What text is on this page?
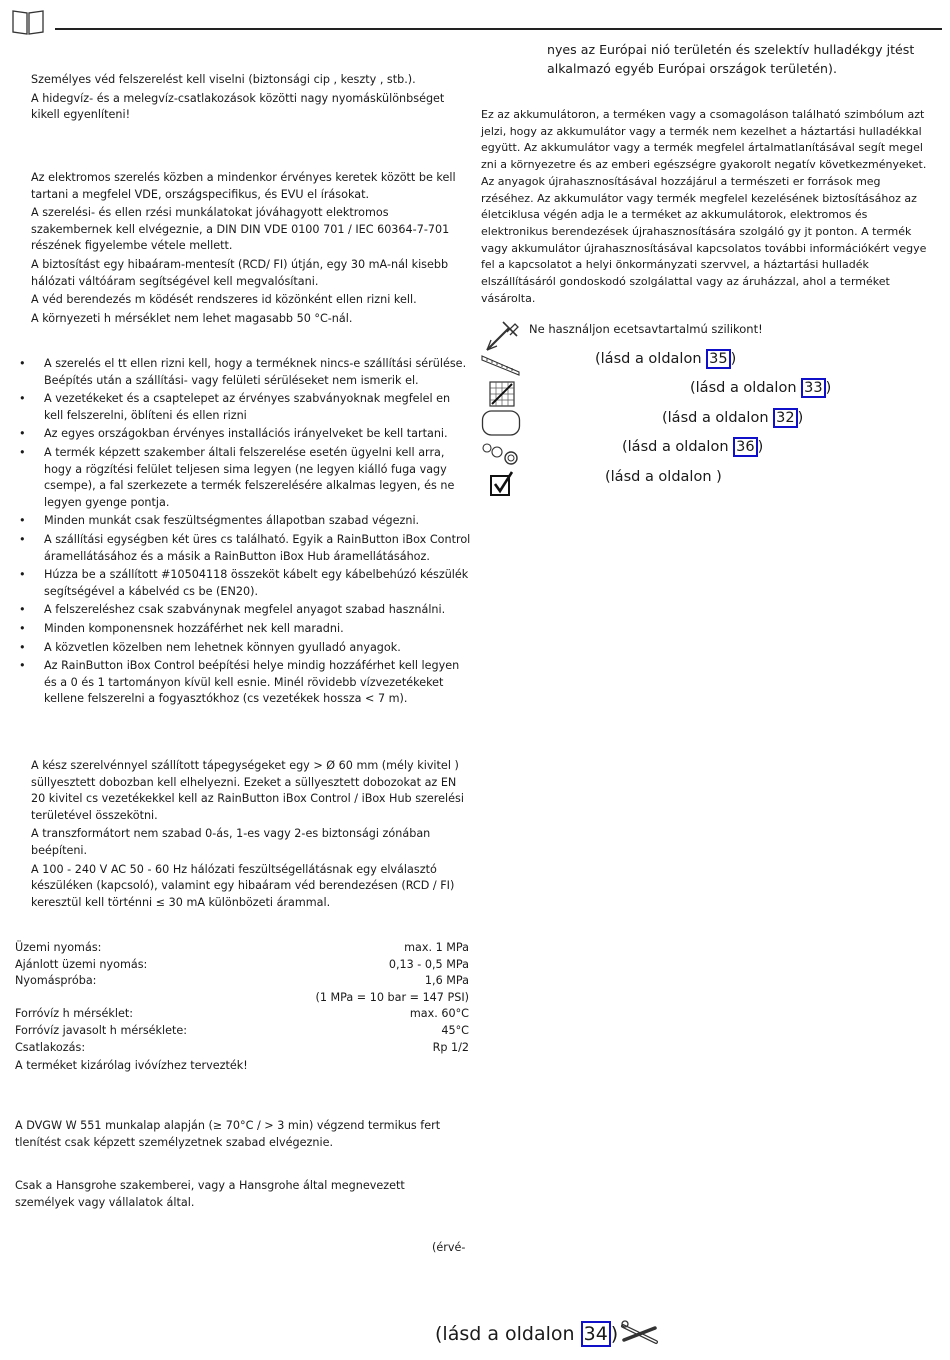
Személyes véd felszerelést kell viselni (biztonsági cip , keszty , stb.).

A hidegvíz- és a melegvíz-csatlakozások közötti nagy nyomáskülönbséget kikell egyenlíteni!

Az elektromos szerelés közben a mindenkor érvényes keretek között be kell tartani a megfelel VDE, országspecifikus, és EVU el írásokat.

A szerelési- és ellen rzési munkálatokat jóváhagyott elektromos szakembernek kell elvégeznie, a DIN DIN VDE 0100 701 / IEC 60364-7-701 részének figyelembe vétele mellett.

A biztosítást egy hibaáram-mentesít (RCD/ FI) útján, egy 30 mA-nál kisebb hálózati váltóáram segítségével kell megvalósítani.

A véd berendezés m ködését rendszeres id közönként ellen rizni kell.

A környezeti h mérséklet nem lehet magasabb 50 °C-nál.

• A szerelés el tt ellen rizni kell, hogy a terméknek nincs-e szállítási sérülése. Beépítés után a szállítási- vagy felületi sérüléseket nem ismerik el.
• A vezetékeket és a csaptelepet az érvényes szabványoknak megfelel en kell felszerelni, öblíteni és ellen rizni
• Az egyes országokban érvényes installációs irányelveket be kell tartani.
• A termék képzett szakember általi felszerelése esetén ügyelni kell arra, hogy a rögzítési felület teljesen sima legyen (ne legyen kiálló fuga vagy csempe), a fal szerkezete a termék felszerelésére alkalmas legyen, és ne legyen gyenge pontja.
• Minden munkát csak feszültségmentes állapotban szabad végezni.
• A szállítási egységben két üres cs található. Egyik a RainButton iBox Control áramellátásához és a másik a RainButton iBox Hub áramellátásához.
• Húzza be a szállított #10504118 összeköt kábelt egy kábelbehúzó készülék segítségével a kábelvéd cs be (EN20).
• A felszereléshez csak szabványnak megfelel anyagot szabad használni.
• Minden komponensnek hozzáférhet nek kell maradni.
• A közvetlen közelben nem lehetnek könnyen gyulladó anyagok.
• Az RainButton iBox Control beépítési helye mindig hozzáférhet kell legyen és a 0 és 1 tartományon kívül kell esnie. Minél rövidebb vízvezetékeket kellene felszerelni a fogyasztókhoz (cs vezetékek hossza < 7 m).

A kész szerelvénnyel szállított tápegységeket egy > Ø 60 mm (mély kivitel ) süllyesztett dobozban kell elhelyezni. Ezeket a süllyesztett dobozokat az EN 20 kivitel cs vezetékekkel kell az RainButton iBox Control / iBox Hub szerelési területével összekötni.

A transzformátort nem szabad 0-ás, 1-es vagy 2-es biztonsági zónában beépíteni.

A 100 - 240 V AC 50 - 60 Hz hálózati feszültségellátásnak egy elválasztó készüléken (kapcsoló), valamint egy hibaáram véd berendezésen (RCD / FI) keresztül kell történni ≤ 30 mA különbözeti árammal.

Üzemi nyomás:	max. 1 MPa
Ajánlott üzemi nyomás:	0,13 - 0,5 MPa
Nyomáspróba:	1,6 MPa
(1 MPa = 10 bar = 147 PSI)
Forróvíz h mérséklet:	max. 60°C
Forróvíz javasolt h mérséklete:	45°C
Csatlakozás:	Rp 1/2
A terméket kizárólag ivóvízhez tervezték!
A DVGW W 551 munkalap alapján (≥ 70°C / > 3 min) végzend termikus fert tlenítést csak képzett személyzetnek szabad elvégeznie.
Csak a Hansgrohe szakemberei, vagy a Hansgrohe által megnevezett személyek vagy vállalatok által.
(érvé-
nyes az Európai nió területén és szelektív hulladékgy jtést alkalmazó egyéb Európai országok területén).
Ez az akkumulátoron, a terméken vagy a csomagoláson található szimbólum azt jelzi, hogy az akkumulátor vagy a termék nem kezelhet a háztartási hulladékkal együtt. Az akkumulátor vagy a termék megfelel ártalmatlanításával segít megel zni a környezetre és az emberi egészségre gyakorolt negatív következményeket. Az anyagok újrahasznosításával hozzájárul a természeti er források meg rzéséhez. Az akkumulátor vagy termék megfelel kezelésének biztosításához az életciklusa végén adja le a terméket az akkumulátorok, elektromos és elektronikus berendezések újrahasznosítására szolgáló gy jt ponton. A termék vagy akkumulátor újrahasznosításával kapcsolatos további információkért vegye fel a kapcsolatot a helyi önkormányzati szervvel, a háztartási hulladék elszállításáról gondoskodó szolgálattal vagy az áruházzal, ahol a terméket vásárolta.
Ne használjon ecetsavtartalmú szilikont!
(lásd a oldalon 35 )
(lásd a oldalon 33 )
(lásd a oldalon 32 )
(lásd a oldalon 36 )
(lásd a oldalon )
(lásd a oldalon 34 )
